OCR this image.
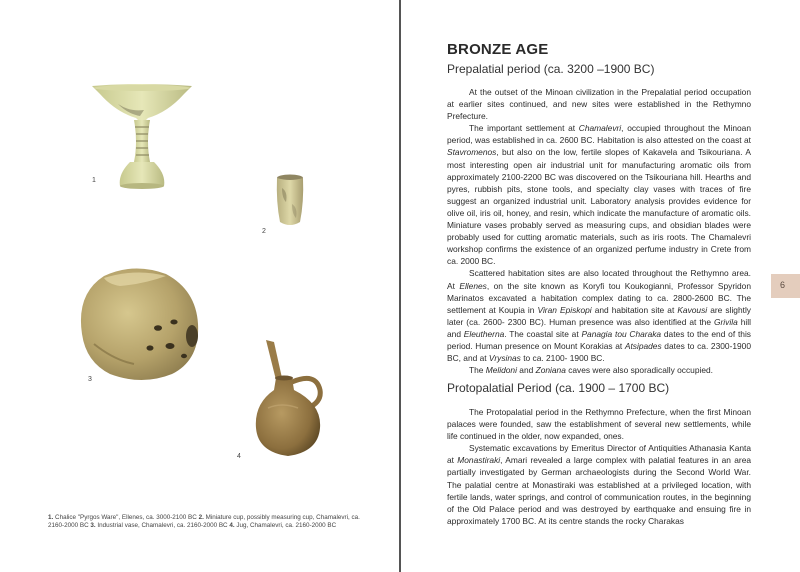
1
2
3
4
1. Chalice "Pyrgos Ware", Ellenes, ca. 3000-2100 BC 2. Miniature cup, possibly measuring cup, Chamalevri, ca. 2160-2000 BC 3. Industrial vase, Chamalevri, ca. 2160-2000 BC 4. Jug, Chamalevri, ca. 2160-2000 BC
BRONZE AGE
Prepalatial period (ca. 3200 –1900 BC)

At the outset of the Minoan civilization in the Prepalatial period occupation at earlier sites continued, and new sites were established in the Rethymno Prefecture.

The important settlement at Chamalevri, occupied throughout the Minoan period, was established in ca. 2600 BC. Habitation is also attested on the coast at Stavromenos, but also on the low, fertile slopes of Kakavela and Tsikouriana. A most interesting open air industrial unit for manufacturing aromatic oils from approximately 2100-2200 BC was discovered on the Tsikouriana hill. Hearths and pyres, rubbish pits, stone tools, and specialty clay vases with traces of fire suggest an organized industrial unit. Laboratory analysis provides evidence for olive oil, iris oil, honey, and resin, which indicate the manufacture of aromatic oils. Miniature vases probably served as measuring cups, and obsidian blades were probably used for cutting aromatic materials, such as iris roots. The Chamalevri workshop confirms the existence of an organized perfume industry in Crete from ca. 2000 BC.

Scattered habitation sites are also located throughout the Rethymno area. At Ellenes, on the site known as Koryfi tou Koukogianni, Professor Spyridon Marinatos excavated a habitation complex dating to ca. 2800-2600 BC. The settlement at Koupia in Viran Episkopi and habitation site at Kavousi are slightly later (ca. 2600- 2300 BC). Human presence was also identified at the Grivila hill and Eleutherna. The coastal site at Panagia tou Charaka dates to the end of this period. Human presence on Mount Korakias at Atsipades dates to ca. 2300-1900 BC, and at Vrysinas to ca. 2100- 1900 BC.

The Melidoni and Zoniana caves were also sporadically occupied.

Protopalatial Period (ca. 1900 – 1700 BC)

The Protopalatial period in the Rethymno Prefecture, when the first Minoan palaces were founded, saw the establishment of several new settlements, while life continued in the older, now expanded, ones.

Systematic excavations by Emeritus Director of Antiquities Athanasia Kanta at Monastiraki, Amari revealed a large complex with palatial features in an area partially investigated by German archaeologists during the Second World War. The palatial centre at Monastiraki was established at a privileged location, with fertile lands, water springs, and control of communication routes, in the beginning of the Old Palace period and was destroyed by earthquake and ensuing fire in approximately 1700 BC. At its centre stands the rocky Charakas

6
